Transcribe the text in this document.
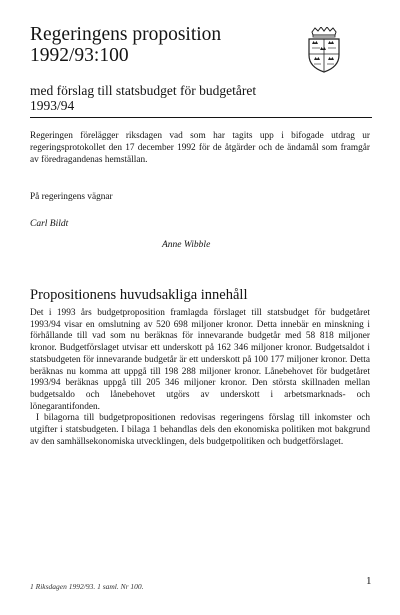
Regeringens proposition
1992/93:100
med förslag till statsbudget för budgetåret
1993/94
Regeringen förelägger riksdagen vad som har tagits upp i bifogade utdrag ur regeringsprotokollet den 17 december 1992 för de åtgärder och de ändamål som framgår av föredragandenas hemställan.
På regeringens vägnar
Carl Bildt
Anne Wibble
Propositionens huvudsakliga innehåll

Det i 1993 års budgetproposition framlagda förslaget till statsbudget för budgetåret 1993/94 visar en omslutning av 520 698 miljoner kronor. Detta innebär en minskning i förhållande till vad som nu beräknas för innevarande budgetår med 58 818 miljoner kronor. Budgetförslaget utvisar ett underskott på 162 346 miljoner kronor. Budgetsaldot i statsbudgeten för innevarande budgetår är ett underskott på 100 177 miljoner kronor. Detta beräknas nu komma att uppgå till 198 288 miljoner kronor. Lånebehovet för budgetåret 1993/94 beräknas uppgå till 205 346 miljoner kronor. Den största skillnaden mellan budgetsaldo och lånebehovet utgörs av underskott i arbetsmarknads- och lönegarantifonden.

I bilagorna till budgetpropositionen redovisas regeringens förslag till inkomster och utgifter i statsbudgeten. I bilaga 1 behandlas dels den ekonomiska politiken mot bakgrund av den samhällsekonomiska utvecklingen, dels budgetpolitiken och budgetförslaget.

1 Riksdagen 1992/93. 1 saml. Nr 100.	1
